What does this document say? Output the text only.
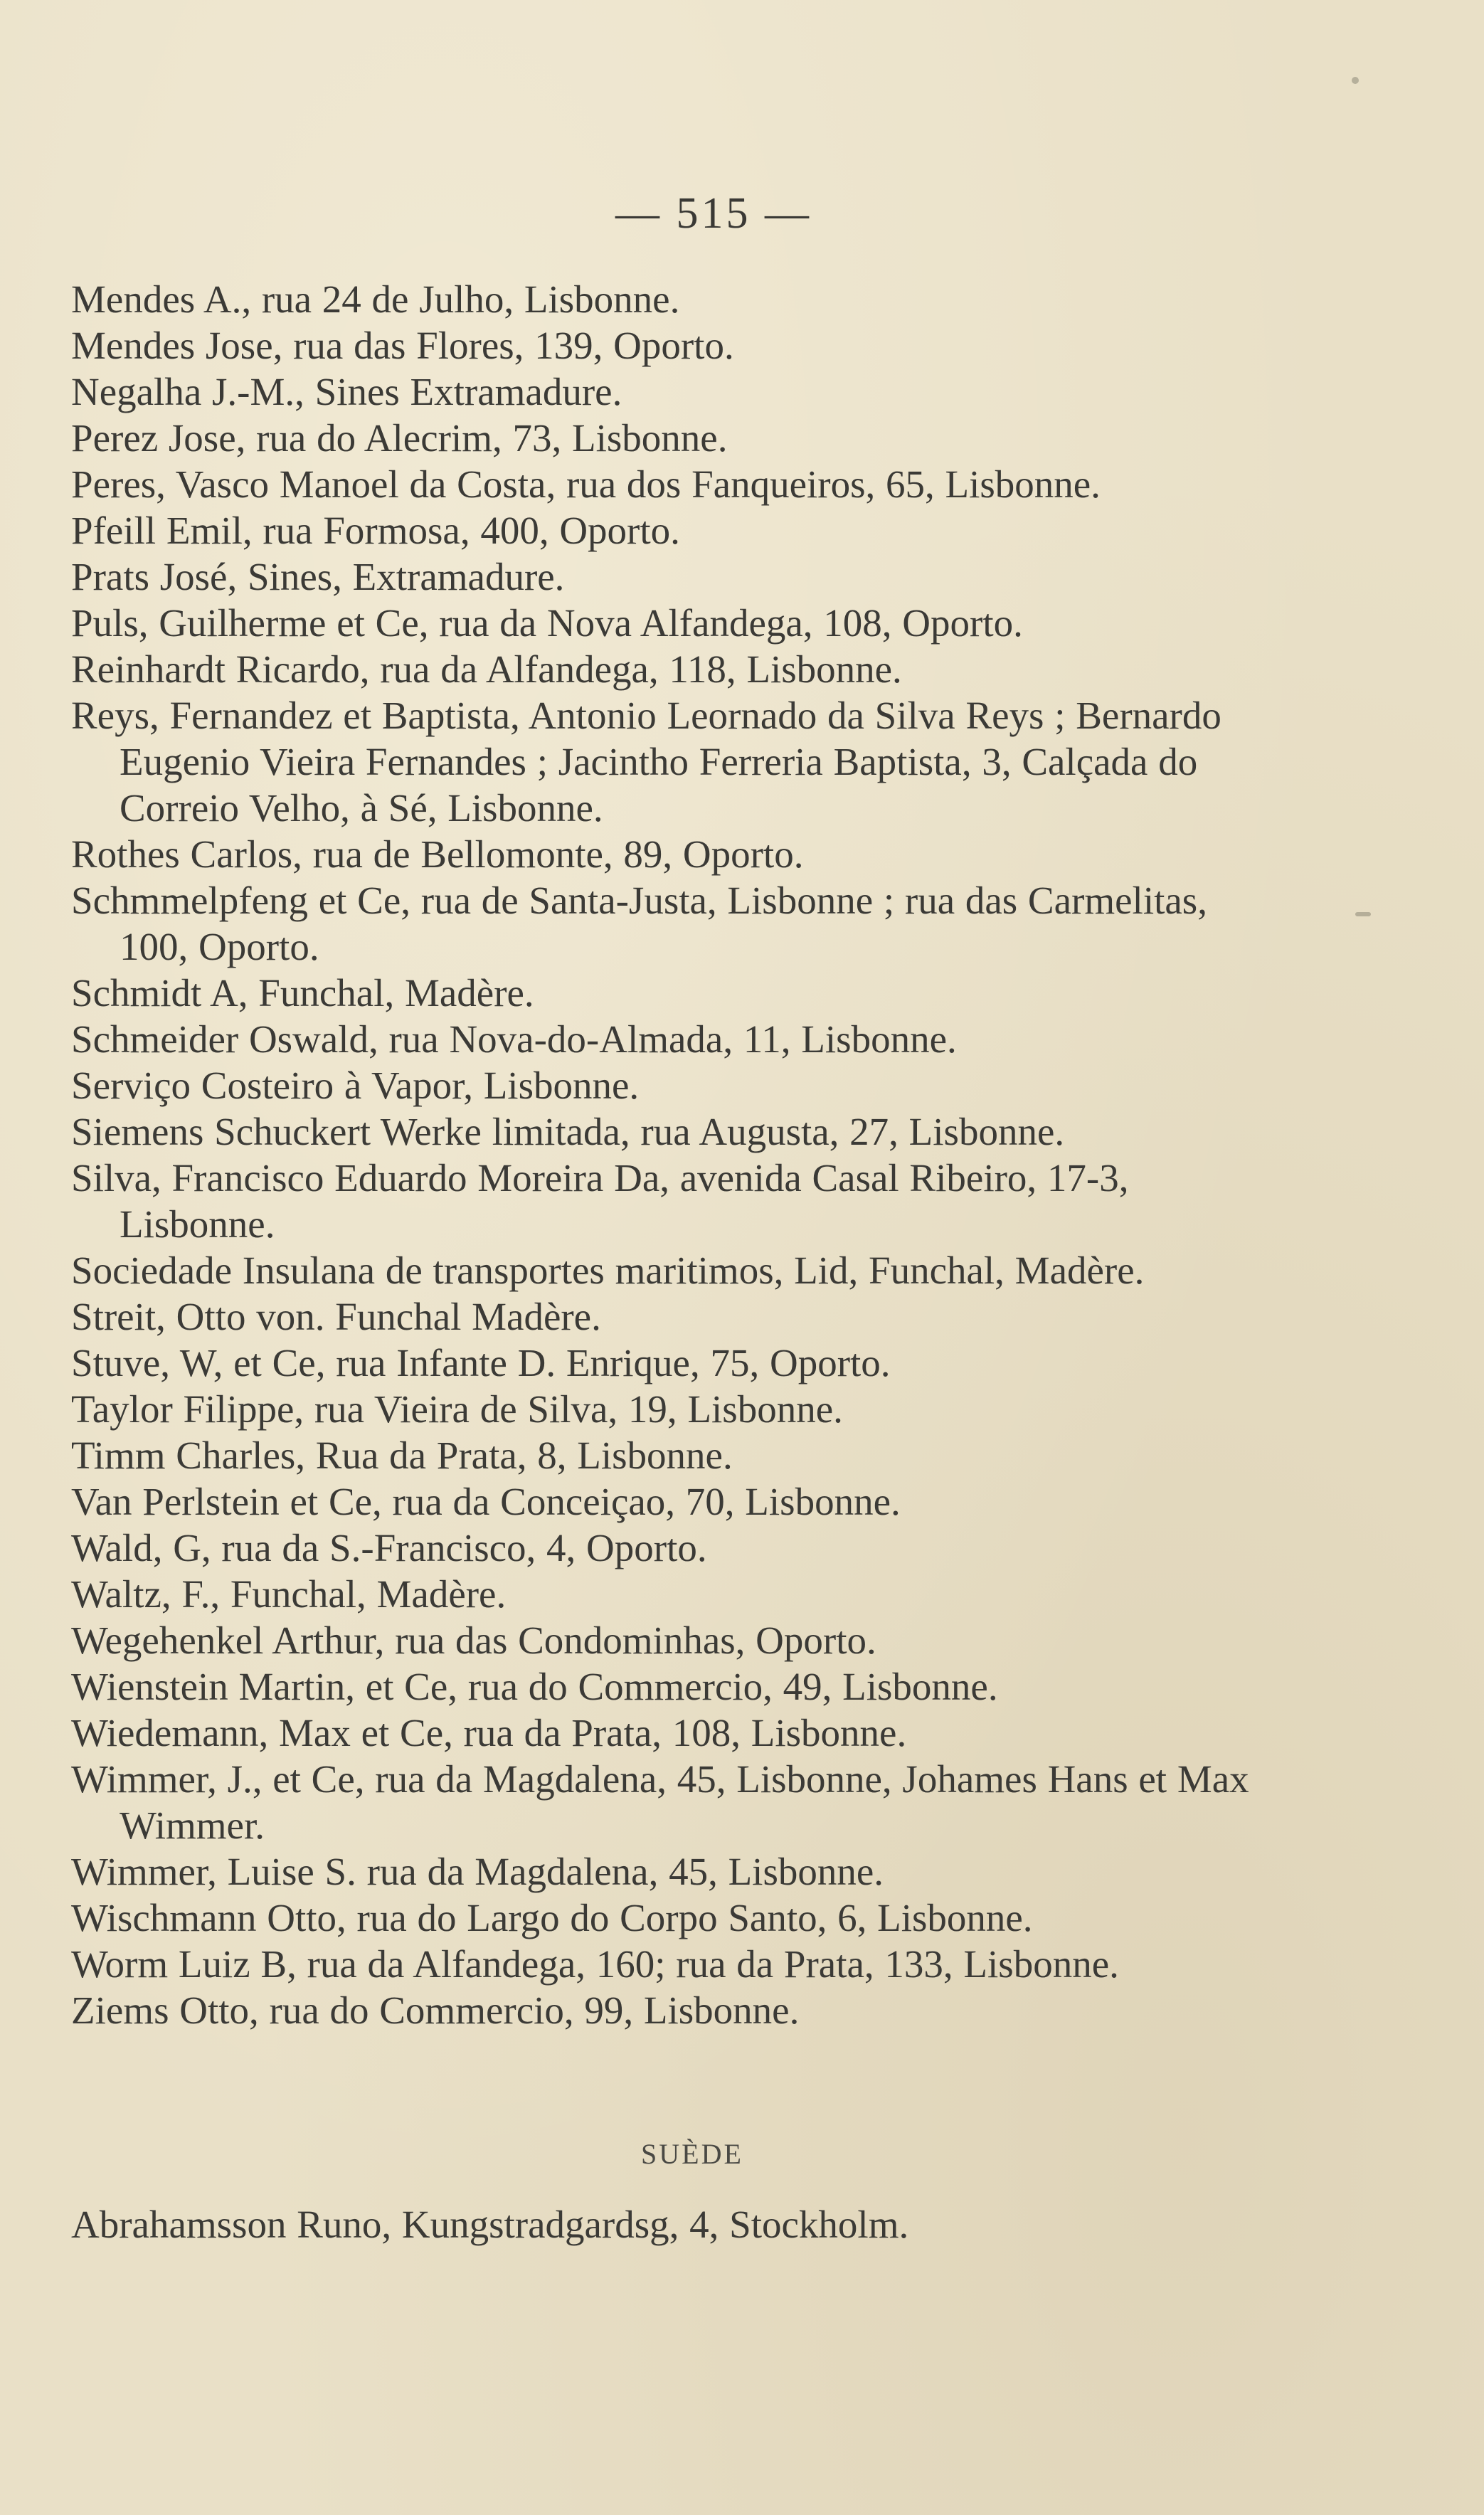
— 515 —
Mendes A., rua 24 de Julho, Lisbonne.
Mendes Jose, rua das Flores, 139, Oporto.
Negalha J.-M., Sines Extramadure.
Perez Jose, rua do Alecrim, 73, Lisbonne.
Peres, Vasco Manoel da Costa, rua dos Fanqueiros, 65, Lisbonne.
Pfeill Emil, rua Formosa, 400, Oporto.
Prats José, Sines, Extramadure.
Puls, Guilherme et Ce, rua da Nova Alfandega, 108, Oporto.
Reinhardt Ricardo, rua da Alfandega, 118, Lisbonne.
Reys, Fernandez et Baptista, Antonio Leornado da Silva Reys ; Bernardo Eugenio Vieira Fernandes ; Jacintho Ferreria Baptista, 3, Calçada do Correio Velho, à Sé, Lisbonne.
Rothes Carlos, rua de Bellomonte, 89, Oporto.
Schmmelpfeng et Ce, rua de Santa-Justa, Lisbonne ; rua das Carmelitas, 100, Oporto.
Schmidt A, Funchal, Madère.
Schmeider Oswald, rua Nova-do-Almada, 11, Lisbonne.
Serviço Costeiro à Vapor, Lisbonne.
Siemens Schuckert Werke limitada, rua Augusta, 27, Lisbonne.
Silva, Francisco Eduardo Moreira Da, avenida Casal Ribeiro, 17-3, Lisbonne.
Sociedade Insulana de transportes maritimos, Lid, Funchal, Madère.
Streit, Otto von. Funchal Madère.
Stuve, W, et Ce, rua Infante D. Enrique, 75, Oporto.
Taylor Filippe, rua Vieira de Silva, 19, Lisbonne.
Timm Charles, Rua da Prata, 8, Lisbonne.
Van Perlstein et Ce, rua da Conceiçao, 70, Lisbonne.
Wald, G, rua da S.-Francisco, 4, Oporto.
Waltz, F., Funchal, Madère.
Wegehenkel Arthur, rua das Condominhas, Oporto.
Wienstein Martin, et Ce, rua do Commercio, 49, Lisbonne.
Wiedemann, Max et Ce, rua da Prata, 108, Lisbonne.
Wimmer, J., et Ce, rua da Magdalena, 45, Lisbonne, Johames Hans et Max Wimmer.
Wimmer, Luise S. rua da Magdalena, 45, Lisbonne.
Wischmann Otto, rua do Largo do Corpo Santo, 6, Lisbonne.
Worm Luiz B, rua da Alfandega, 160; rua da Prata, 133, Lisbonne.
Ziems Otto, rua do Commercio, 99, Lisbonne.
SUÈDE
Abrahamsson Runo, Kungstradgardsg, 4, Stockholm.
